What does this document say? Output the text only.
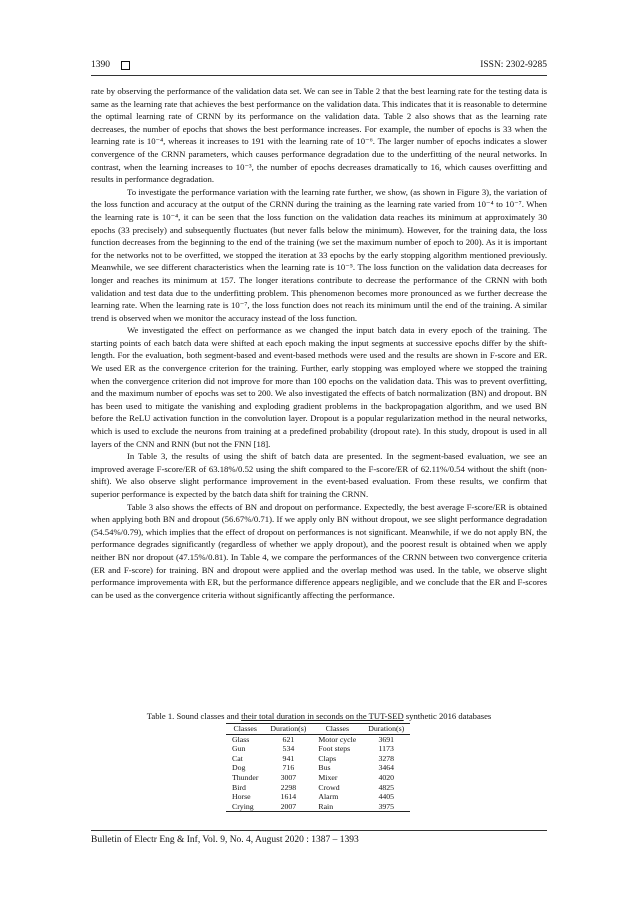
1390	ISSN: 2302-9285

rate by observing the performance of the validation data set. We can see in Table 2 that the best learning rate for the testing data is same as the learning rate that achieves the best performance on the validation data. This indicates that it is reasonable to determine the optimal learning rate of CRNN by its performance on the validation data. Table 2 also shows that as the learning rate decreases, the number of epochs that shows the best performance increases. For example, the number of epochs is 33 when the learning rate is 10⁻⁴, whereas it increases to 191 with the learning rate of 10⁻⁶. The larger number of epochs indicates a slower convergence of the CRNN parameters, which causes performance degradation due to the underfitting of the neural networks. In contrast, when the learning increases to 10⁻³, the number of epochs decreases dramatically to 16, which causes overfitting and results in performance degradation.

To investigate the performance variation with the learning rate further, we show, (as shown in Figure 3), the variation of the loss function and accuracy at the output of the CRNN during the training as the learning rate varied from 10⁻⁴ to 10⁻⁷. When the learning rate is 10⁻⁴, it can be seen that the loss function on the validation data reaches its minimum at approximately 30 epochs (33 precisely) and subsequently fluctuates (but never falls below the minimum). However, for the training data, the loss function decreases from the beginning to the end of the training (we set the maximum number of epoch to 200). As it is important for the networks not to be overfitted, we stopped the iteration at 33 epochs by the early stopping algorithm mentioned previously. Meanwhile, we see different characteristics when the learning rate is 10⁻⁵. The loss function on the validation data decreases for longer and reaches its minimum at 157. The longer iterations contribute to decrease the performance of the CRNN with both validation and test data due to the underfitting problem. This phenomenon becomes more pronounced as we further decrease the learning rate. When the learning rate is 10⁻⁷, the loss function does not reach its minimum until the end of the training. A similar trend is observed when we monitor the accuracy instead of the loss function.

We investigated the effect on performance as we changed the input batch data in every epoch of the training. The starting points of each batch data were shifted at each epoch making the input segments at successive epochs differ by the shift-length. For the evaluation, both segment-based and event-based methods were used and the results are shown in F-score and ER. We used ER as the convergence criterion for the training. Further, early stopping was employed where we stopped the training when the convergence criterion did not improve for more than 100 epochs on the validation data. This was to prevent overfitting, and the maximum number of epochs was set to 200. We also investigated the effects of batch normalization (BN) and dropout. BN has been used to mitigate the vanishing and exploding gradient problems in the backpropagation algorithm, and we used BN before the ReLU activation function in the convolution layer. Dropout is a popular regularization method in the neural networks, which is used to exclude the neurons from training at a predefined probability (dropout rate). In this study, dropout is used in all layers of the CNN and RNN (but not the FNN [18].

In Table 3, the results of using the shift of batch data are presented. In the segment-based evaluation, we see an improved average F-score/ER of 63.18%/0.52 using the shift compared to the F-score/ER of 62.11%/0.54 without the shift (non-shift). We also observe slight performance improvement in the event-based evaluation. From these results, we confirm that superior performance is expected by the batch data shift for training the CRNN.

Table 3 also shows the effects of BN and dropout on performance. Expectedly, the best average F-score/ER is obtained when applying both BN and dropout (56.67%/0.71). If we apply only BN without dropout, we see slight performance degradation (54.54%/0.79), which implies that the effect of dropout on performances is not significant. Meanwhile, if we do not apply BN, the performance degrades significantly (regardless of whether we apply dropout), and the poorest result is obtained when we apply neither BN nor dropout (47.15%/0.81). In Table 4, we compare the performances of the CRNN between two convergence criteria (ER and F-score) for training. BN and dropout were applied and the overlap method was used. In the table, we observe slight performance improvementa with ER, but the performance difference appears negligible, and we conclude that the ER and F-scores can be used as the convergence criteria without significantly affecting the performance.

Table 1. Sound classes and their total duration in seconds on the TUT-SED synthetic 2016 databases
Classes	Duration(s)	Classes	Duration(s)
Glass	621	Motor cycle	3691
Gun	534	Foot steps	1173
Cat	941	Claps	3278
Dog	716	Bus	3464
Thunder	3007	Mixer	4020
Bird	2298	Crowd	4825
Horse	1614	Alarm	4405
Crying	2007	Rain	3975
Bulletin of Electr Eng & Inf, Vol. 9, No. 4, August 2020 : 1387 – 1393
